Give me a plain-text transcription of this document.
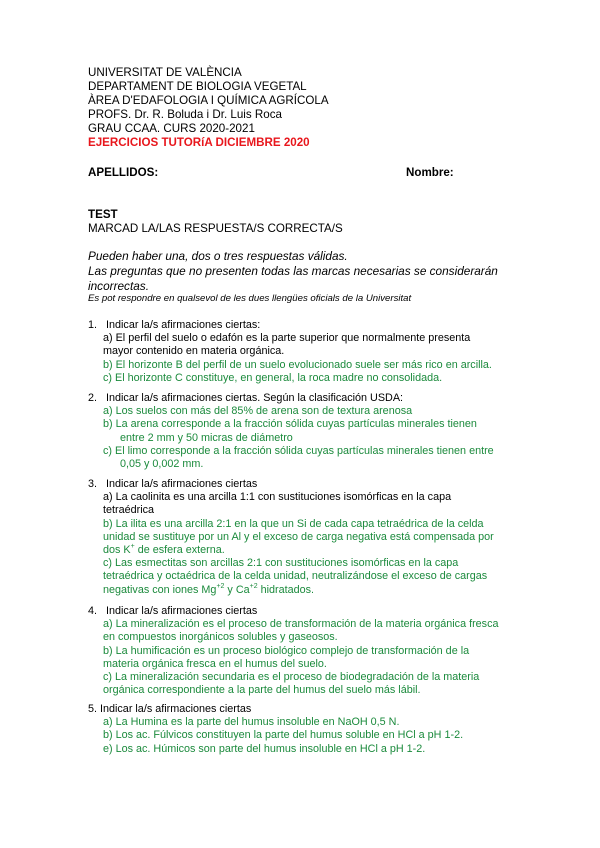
UNIVERSITAT DE VALÈNCIA
DEPARTAMENT DE BIOLOGIA VEGETAL
ÀREA D'EDAFOLOGIA I QUÍMICA AGRÍCOLA
PROFS. Dr. R. Boluda i Dr. Luis Roca
GRAU CCAA. CURS 2020-2021
EJERCICIOS TUTORíA DICIEMBRE 2020
APELLIDOS:	Nombre:
TEST
MARCAD LA/LAS RESPUESTA/S CORRECTA/S
Pueden haber una, dos o tres respuestas válidas.
Las preguntas que no presenten todas las marcas necesarias se considerarán
incorrectas.
Es pot respondre en qualsevol de les dues llengües oficials de la Universitat

1. Indicar la/s afirmaciones ciertas:

a) El perfil del suelo o edafón es la parte superior que normalmente presenta

mayor contenido en materia orgánica.

b) El horizonte B del perfil de un suelo evolucionado suele ser más rico en arcilla.

c) El horizonte C constituye, en general, la roca madre no consolidada.

2. Indicar la/s afirmaciones ciertas. Según la clasificación USDA:

a) Los suelos con más del 85% de arena son de textura arenosa

b) La arena corresponde a la fracción sólida cuyas partículas minerales tienen

entre 2 mm y 50 micras de diámetro

c) El limo corresponde a la fracción sólida cuyas partículas minerales tienen entre

0,05 y 0,002 mm.

3. Indicar la/s afirmaciones ciertas

a) La caolinita es una arcilla 1:1 con sustituciones isomórficas en la capa

tetraédrica

b) La ilita es una arcilla 2:1 en la que un Si de cada capa tetraédrica de la celda

unidad se sustituye por un Al y el exceso de carga negativa está compensada por

dos K+ de esfera externa.

c) Las esmectitas son arcillas 2:1 con sustituciones isomórficas en la capa

tetraédrica y octaédrica de la celda unidad, neutralizándose el exceso de cargas

negativas con iones $Mg^{+2}$ y $Ca^{+2}$ hidratados.

4. Indicar la/s afirmaciones ciertas

a) La mineralización es el proceso de transformación de la materia orgánica fresca

en compuestos inorgánicos solubles y gaseosos.

b) La humificación es un proceso biológico complejo de transformación de la

materia orgánica fresca en el humus del suelo.

c) La mineralización secundaria es el proceso de biodegradación de la materia

orgánica correspondiente a la parte del humus del suelo más lábil.

5. Indicar la/s afirmaciones ciertas

a) La Humina es la parte del humus insoluble en NaOH 0,5 N.

b) Los ac. Fúlvicos constituyen la parte del humus soluble en HCl a pH 1-2.

e) Los ac. Húmicos son parte del humus insoluble en HCl a pH 1-2.
